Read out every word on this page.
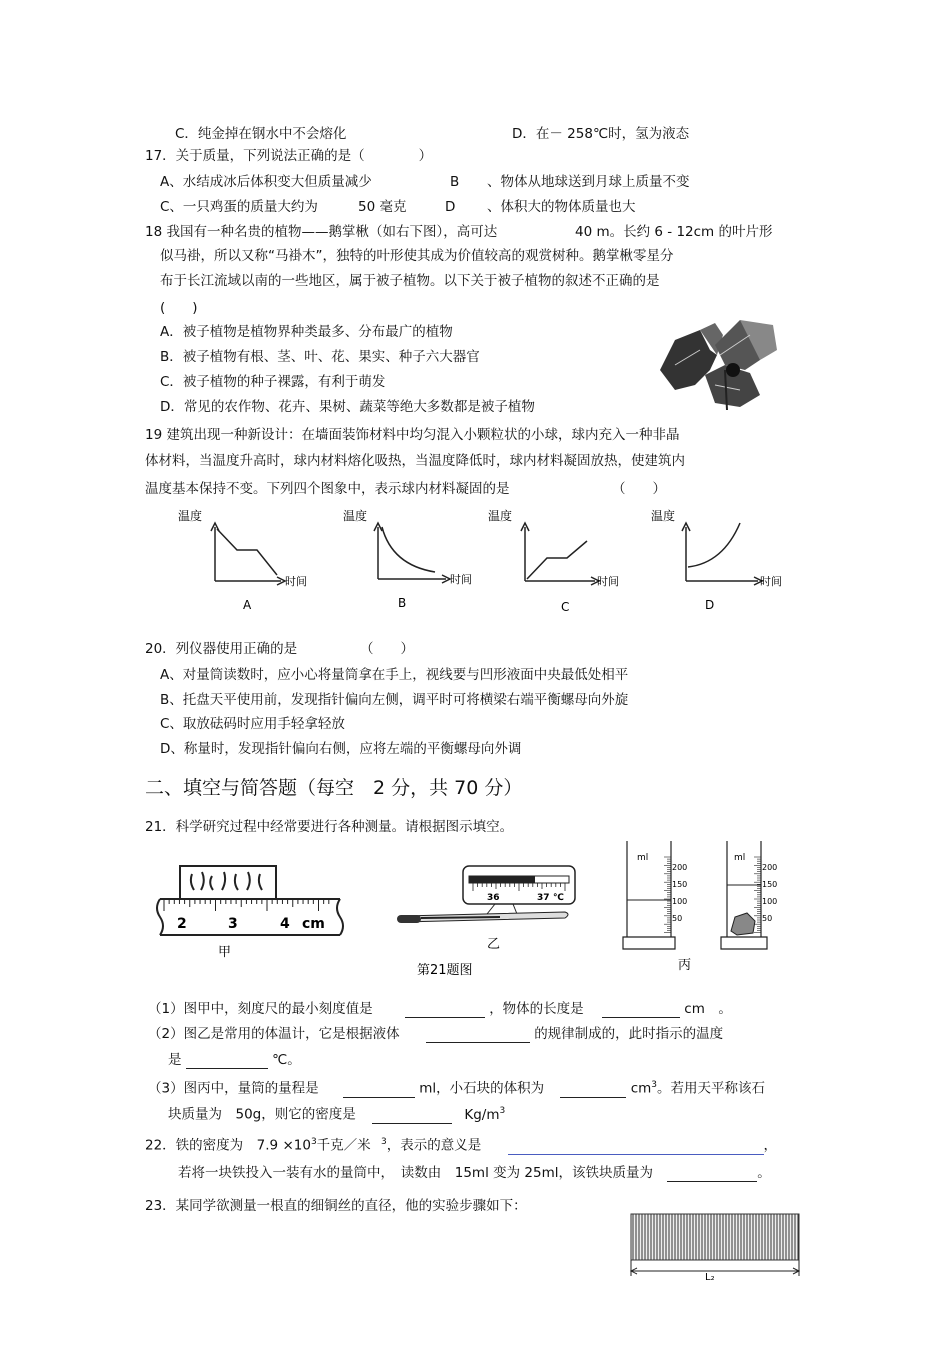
C．纯金掉在钢水中不会熔化	D．在－ 258℃时，氢为液态
17．关于质量，下列说法正确的是（　　　　）
A、水结成冰后体积变大但质量减少	B 、物体从地球送到月球上质量不变
C、一只鸡蛋的质量大约为	50 毫克	D 、体积大的物体质量也大
18 我国有一种名贵的植物——鹅掌楸（如右下图），高可达	40 m。长约 6 - 12cm 的叶片形
似马褂，所以又称“马褂木”，独特的叶形使其成为价值较高的观赏树种。鹅掌楸零星分
布于长江流域以南的一些地区，属于被子植物。以下关于被子植物的叙述不正确的是
(　　)
A．被子植物是植物界种类最多、分布最广的植物
B．被子植物有根、茎、叶、花、果实、种子六大器官
C．被子植物的种子裸露，有利于萌发
D．常见的农作物、花卉、果树、蔬菜等绝大多数都是被子植物
19 建筑出现一种新设计：在墙面装饰材料中均匀混入小颗粒状的小球，球内充入一种非晶
体材料，当温度升高时，球内材料熔化吸热，当温度降低时，球内材料凝固放热，使建筑内
温度基本保持不变。下列四个图象中，表示球内材料凝固的是	（　　）
温度
时间
A
温度
时间
B
温度
时间
C
温度
时间
D
20．列仪器使用正确的是	（　　）
A、对量筒读数时，应小心将量筒拿在手上，视线要与凹形液面中央最低处相平
B、托盘天平使用前，发现指针偏向左侧，调平时可将横梁右端平衡螺母向外旋
C、取放砝码时应用手轻拿轻放
D、称量时，发现指针偏向右侧，应将左端的平衡螺母向外调
二、填空与简答题（每空　2 分，共 70 分）
21．科学研究过程中经常要进行各种测量。请根据图示填空。
2	3	4 cm
甲
36	37 ℃
乙
第21题图
ml
200
150
100
50
ml
200
150
100
50
丙
（1）图甲中，刻度尺的最小刻度值是	，物体的长度是	cm　。
（2）图乙是常用的体温计，它是根据液体	的规律制成的，此时指示的温度
是	℃。
（3）图丙中，量筒的量程是	ml，小石块的体积为	$cm^3$。若用天平称该石
块质量为　50g，则它的密度是	$Kg/m^3$
22．铁的密度为　$7.9 \times 10^3$千克／米 $^3$，表示的意义是	，
若将一块铁投入一装有水的量筒中，　读数由　15ml 变为 25ml，该铁块质量为	。
23．某同学欲测量一根直的细铜丝的直径，他的实验步骤如下：
L₂
